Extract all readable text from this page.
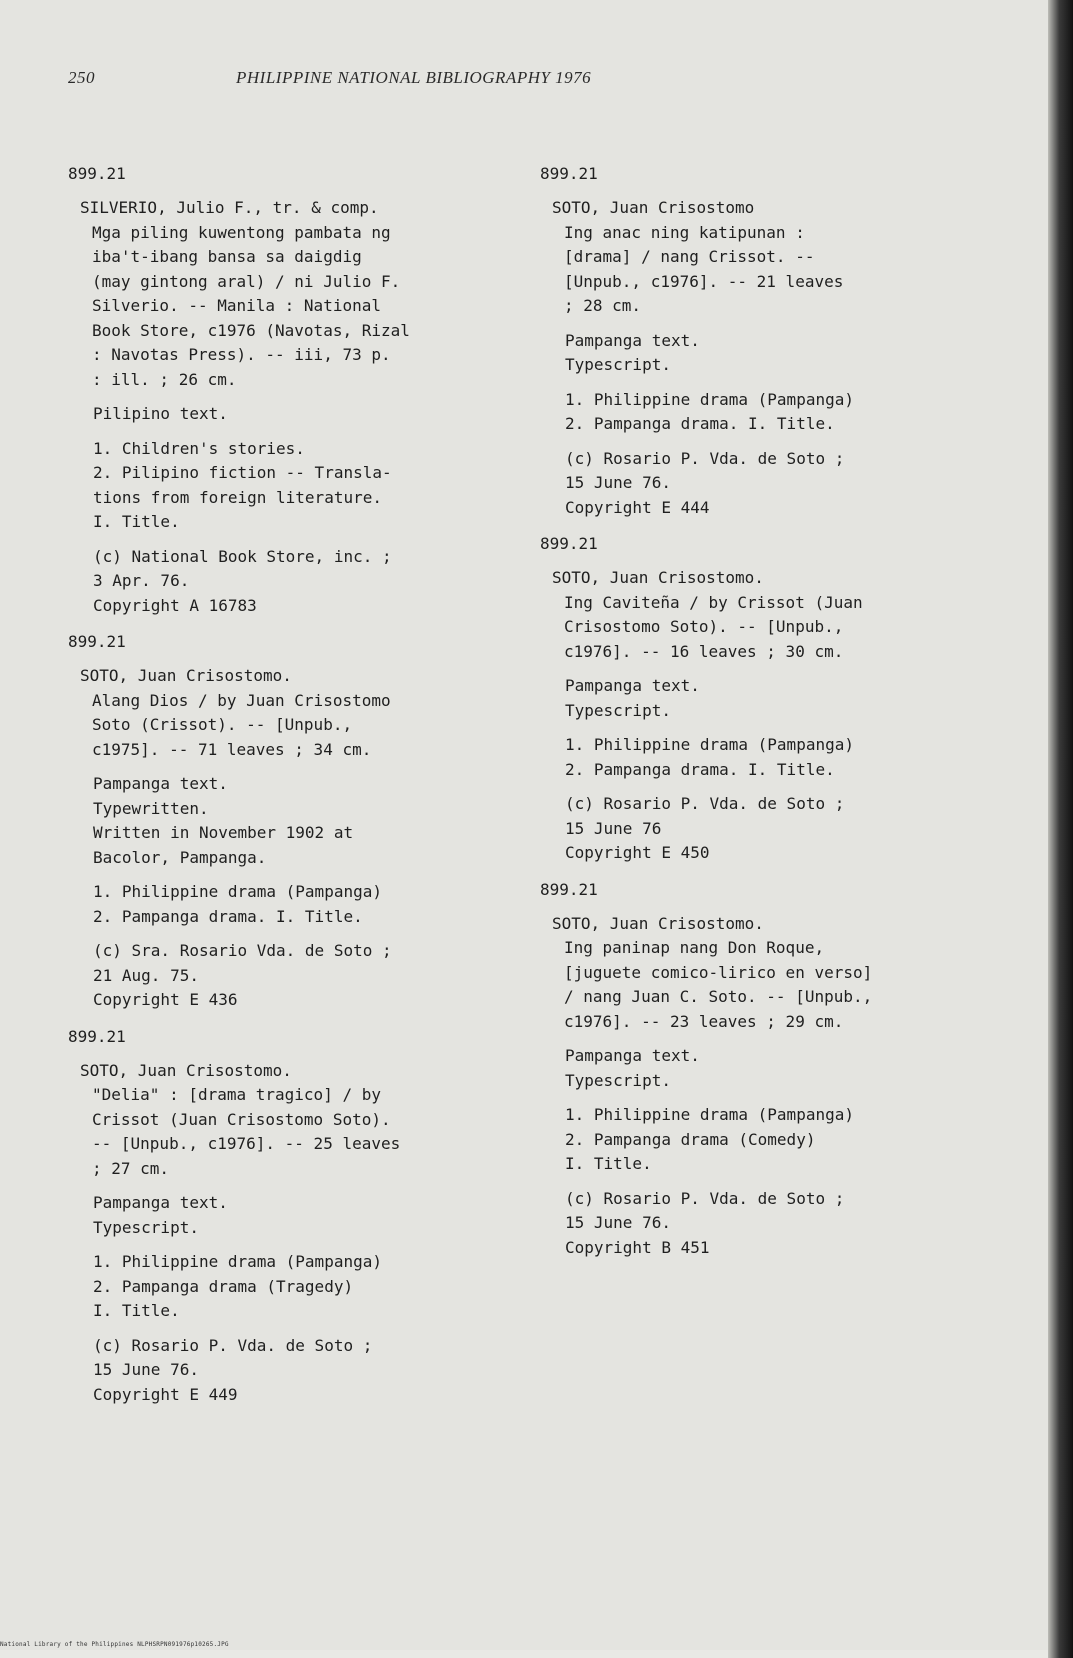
250	PHILIPPINE NATIONAL BIBLIOGRAPHY 1976
899.21
SILVERIO, Julio F., tr. & comp.
Mga piling kuwentong pambata ng
iba't-ibang bansa sa daigdig
(may gintong aral) / ni Julio F.
Silverio. -- Manila : National
Book Store, c1976 (Navotas, Rizal
: Navotas Press). -- iii, 73 p.
: ill. ; 26 cm.

Pilipino text.

1. Children's stories.
2. Pilipino fiction -- Transla-
tions from foreign literature.
I. Title.

(c) National Book Store, inc. ;
3 Apr. 76.
Copyright A 16783

899.21
SOTO, Juan Crisostomo.
Alang Dios / by Juan Crisostomo
Soto (Crissot). -- [Unpub.,
c1975]. -- 71 leaves ; 34 cm.

Pampanga text.
Typewritten.
Written in November 1902 at
Bacolor, Pampanga.

1. Philippine drama (Pampanga)
2. Pampanga drama. I. Title.

(c) Sra. Rosario Vda. de Soto ;
21 Aug. 75.
Copyright E 436

899.21
SOTO, Juan Crisostomo.
"Delia" : [drama tragico] / by
Crissot (Juan Crisostomo Soto).
-- [Unpub., c1976]. -- 25 leaves
; 27 cm.

Pampanga text.
Typescript.

1. Philippine drama (Pampanga)
2. Pampanga drama (Tragedy)
I. Title.

(c) Rosario P. Vda. de Soto ;
15 June 76.
Copyright E 449

899.21
SOTO, Juan Crisostomo
Ing anac ning katipunan :
[drama] / nang Crissot. --
[Unpub., c1976]. -- 21 leaves
; 28 cm.

Pampanga text.
Typescript.

1. Philippine drama (Pampanga)
2. Pampanga drama. I. Title.

(c) Rosario P. Vda. de Soto ;
15 June 76.
Copyright E 444

899.21
SOTO, Juan Crisostomo.
Ing Caviteña / by Crissot (Juan
Crisostomo Soto). -- [Unpub.,
c1976]. -- 16 leaves ; 30 cm.

Pampanga text.
Typescript.

1. Philippine drama (Pampanga)
2. Pampanga drama. I. Title.

(c) Rosario P. Vda. de Soto ;
15 June 76
Copyright E 450

899.21
SOTO, Juan Crisostomo.
Ing paninap nang Don Roque,
[juguete comico-lirico en verso]
/ nang Juan C. Soto. -- [Unpub.,
c1976]. -- 23 leaves ; 29 cm.

Pampanga text.
Typescript.

1. Philippine drama (Pampanga)
2. Pampanga drama (Comedy)
I. Title.

(c) Rosario P. Vda. de Soto ;
15 June 76.
Copyright B 451

National Library of the Philippines NLPHSRPN091976p10265.JPG
